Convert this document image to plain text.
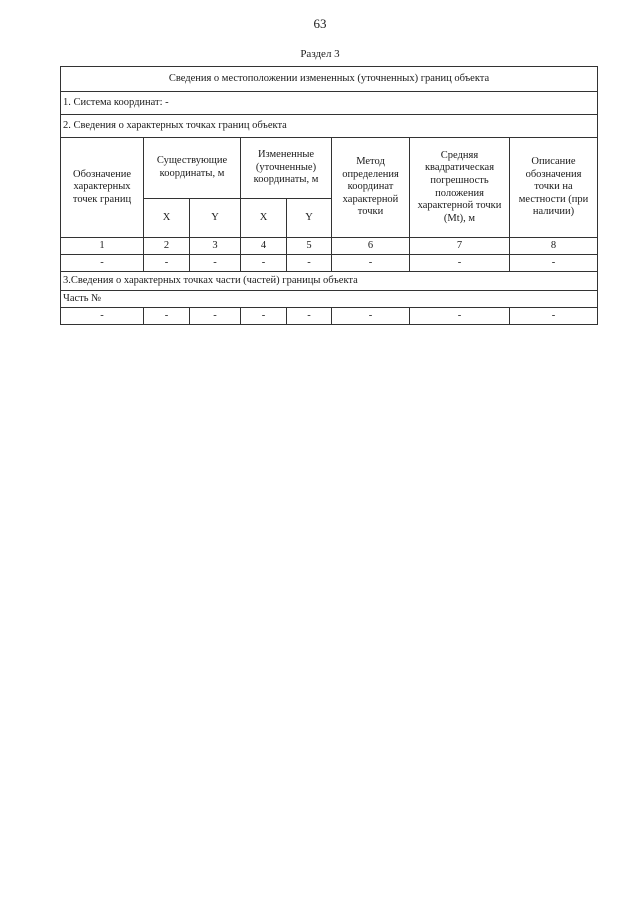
63
Раздел 3
Сведения о местоположении измененных (уточненных) границ объекта							
1. Система координат: -							
2. Сведения о характерных точках границ объекта							
Обозначение характерных точек границ	Существующие координаты, м		Измененные (уточненные) координаты, м		Метод определения координат характерной точки	Средняя квадратическая погрешность положения характерной точки (Mt), м	Описание обозначения точки на местности (при наличии)
	X	Y	X	Y			
1	2	3	4	5	6	7	8
-	-	-	-	-	-	-	-
3.Сведения о характерных точках части (частей) границы объекта							
Часть №							
-	-	-	-	-	-	-	-
